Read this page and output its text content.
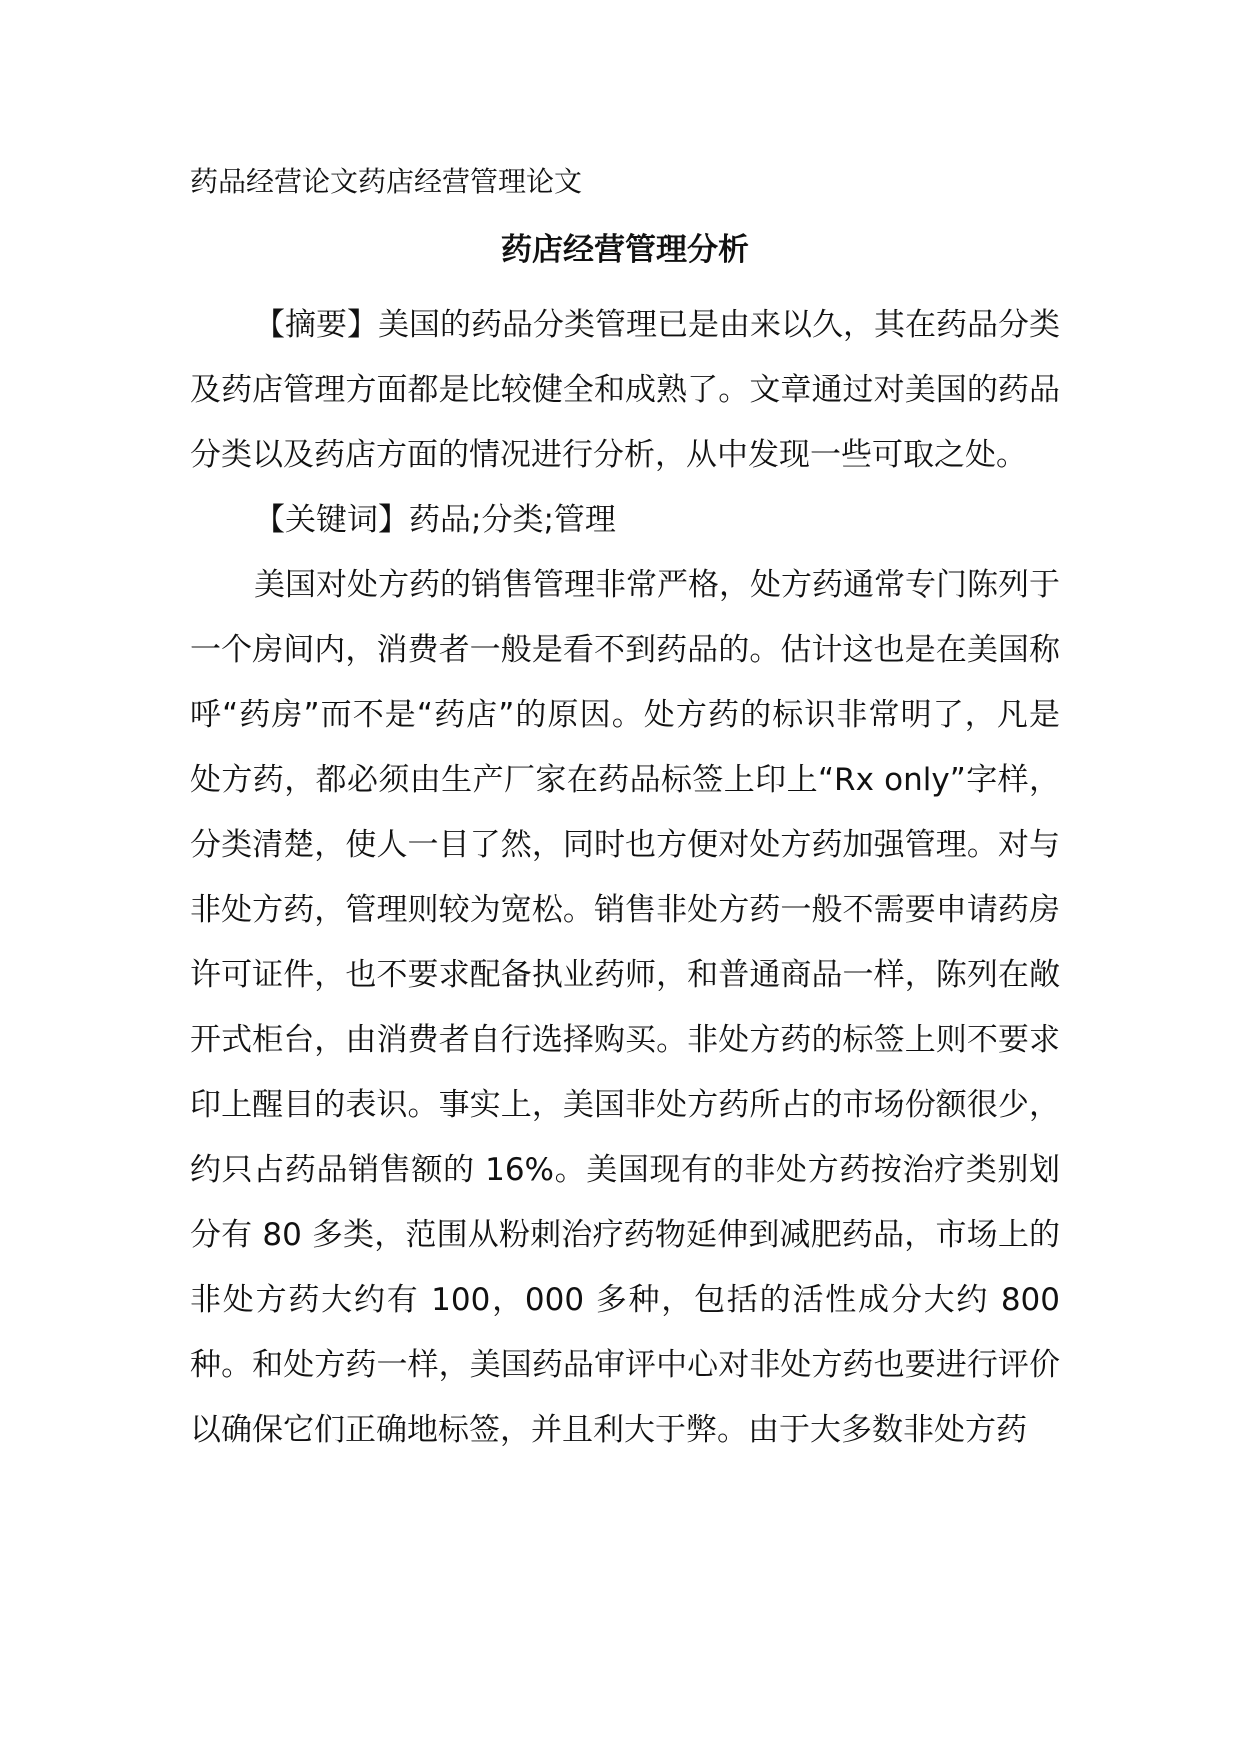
药品经营论文药店经营管理论文
药店经营管理分析

【摘要】美国的药品分类管理已是由来以久，其在药品分类及药店管理方面都是比较健全和成熟了。文章通过对美国的药品分类以及药店方面的情况进行分析，从中发现一些可取之处。

【关键词】药品;分类;管理

美国对处方药的销售管理非常严格，处方药通常专门陈列于一个房间内，消费者一般是看不到药品的。估计这也是在美国称呼“药房”而不是“药店”的原因。处方药的标识非常明了，凡是处方药，都必须由生产厂家在药品标签上印上“Rx only”字样，分类清楚，使人一目了然，同时也方便对处方药加强管理。对与非处方药，管理则较为宽松。销售非处方药一般不需要申请药房许可证件，也不要求配备执业药师，和普通商品一样，陈列在敞开式柜台，由消费者自行选择购买。非处方药的标签上则不要求印上醒目的表识。事实上，美国非处方药所占的市场份额很少，约只占药品销售额的 16%。美国现有的非处方药按治疗类别划分有 80 多类，范围从粉刺治疗药物延伸到减肥药品，市场上的非处方药大约有 100，000 多种，包括的活性成分大约 800 种。和处方药一样，美国药品审评中心对非处方药也要进行评价以确保它们正确地标签，并且利大于弊。由于大多数非处方药
